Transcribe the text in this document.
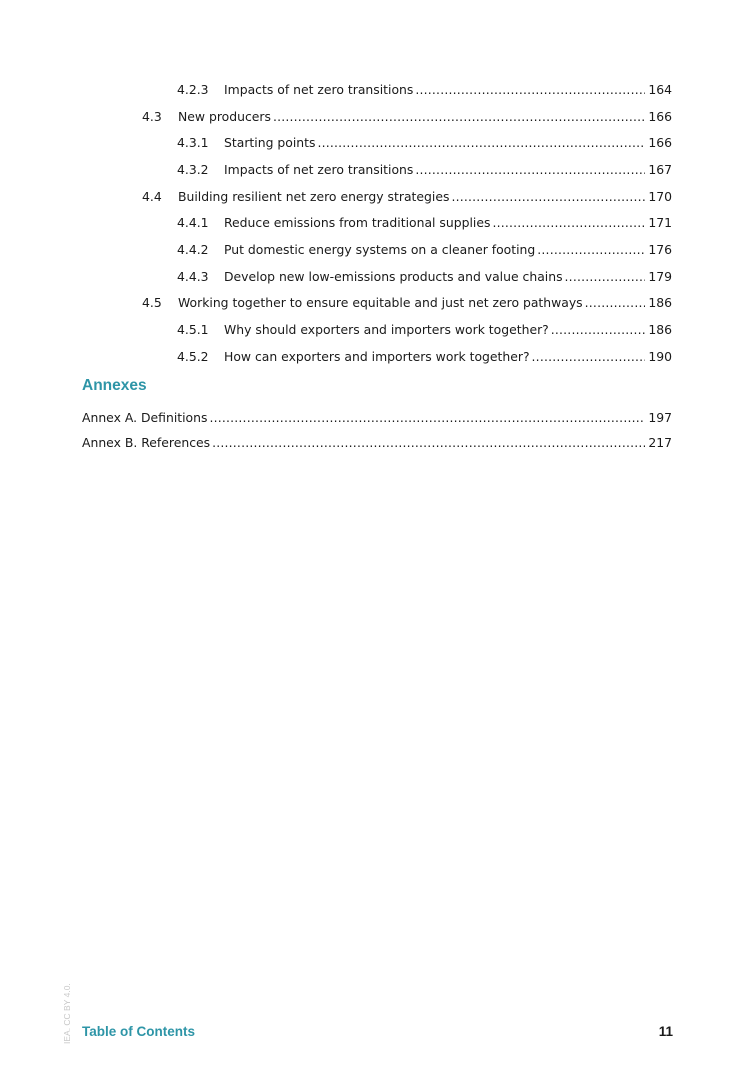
4.2.3	Impacts of net zero transitions .....	164
4.3	New producers .....	166
4.3.1	Starting points .....	166
4.3.2	Impacts of net zero transitions .....	167
4.4	Building resilient net zero energy strategies .....	170
4.4.1	Reduce emissions from traditional supplies .....	171
4.4.2	Put domestic energy systems on a cleaner footing .....	176
4.4.3	Develop new low-emissions products and value chains .....	179
4.5	Working together to ensure equitable and just net zero pathways .....	186
4.5.1	Why should exporters and importers work together? .....	186
4.5.2	How can exporters and importers work together? .....	190
Annexes
Annex A. Definitions .....	197
Annex B. References .....	217
IEA. CC BY 4.0. Table of Contents	11
